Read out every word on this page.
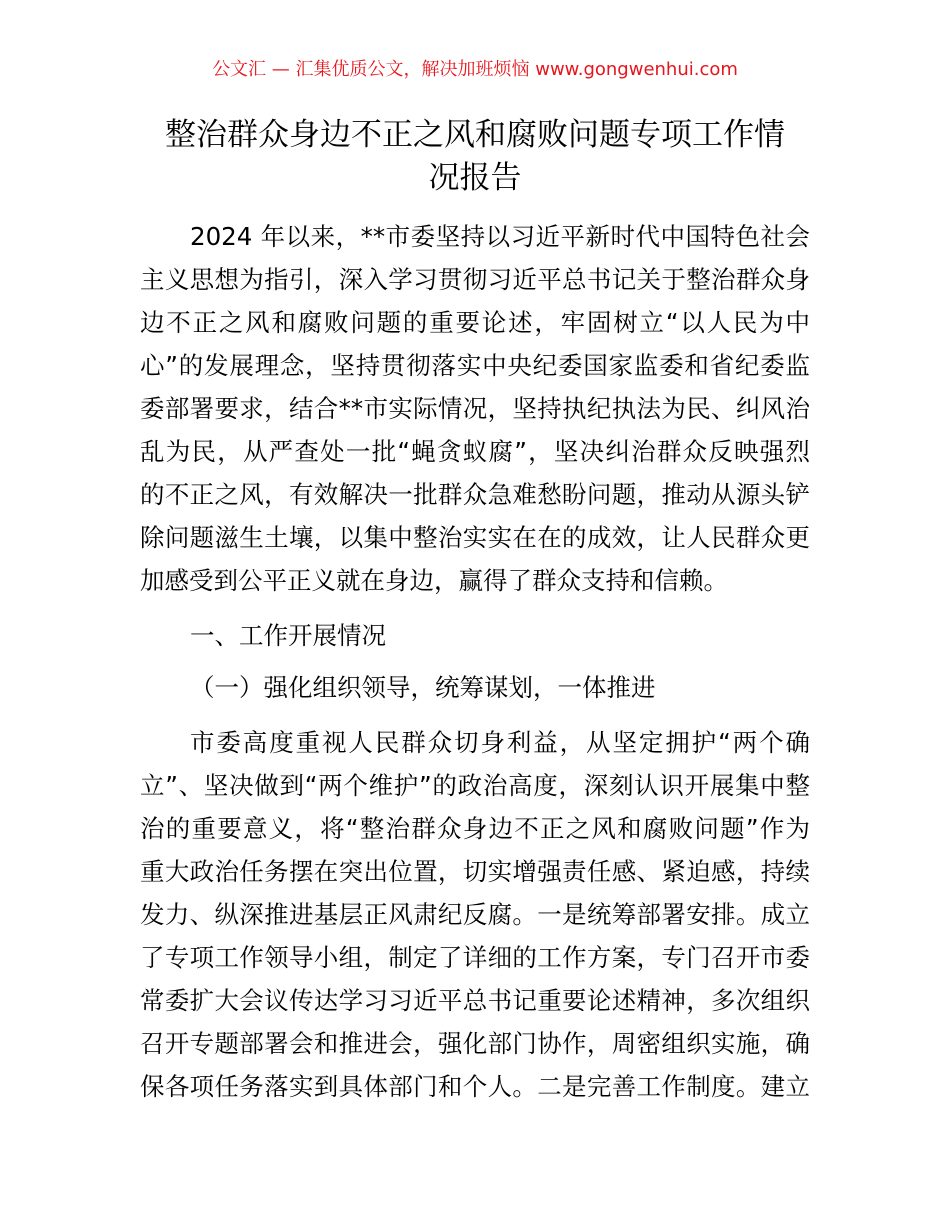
公文汇 — 汇集优质公文，解决加班烦恼 www.gongwenhui.com
整治群众身边不正之风和腐败问题专项工作情
况报告
2024 年以来，**市委坚持以习近平新时代中国特色社会
主义思想为指引，深入学习贯彻习近平总书记关于整治群众身
边不正之风和腐败问题的重要论述，牢固树立“以人民为中
心”的发展理念，坚持贯彻落实中央纪委国家监委和省纪委监
委部署要求，结合**市实际情况，坚持执纪执法为民、纠风治
乱为民，从严查处一批“蝇贪蚁腐”，坚决纠治群众反映强烈
的不正之风，有效解决一批群众急难愁盼问题，推动从源头铲
除问题滋生土壤，以集中整治实实在在的成效，让人民群众更
加感受到公平正义就在身边，赢得了群众支持和信赖。
一、工作开展情况
（一）强化组织领导，统筹谋划，一体推进
市委高度重视人民群众切身利益，从坚定拥护“两个确
立”、坚决做到“两个维护”的政治高度，深刻认识开展集中整
治的重要意义，将“整治群众身边不正之风和腐败问题”作为
重大政治任务摆在突出位置，切实增强责任感、紧迫感，持续
发力、纵深推进基层正风肃纪反腐。一是统筹部署安排。成立
了专项工作领导小组，制定了详细的工作方案，专门召开市委
常委扩大会议传达学习习近平总书记重要论述精神，多次组织
召开专题部署会和推进会，强化部门协作，周密组织实施，确
保各项任务落实到具体部门和个人。二是完善工作制度。建立
